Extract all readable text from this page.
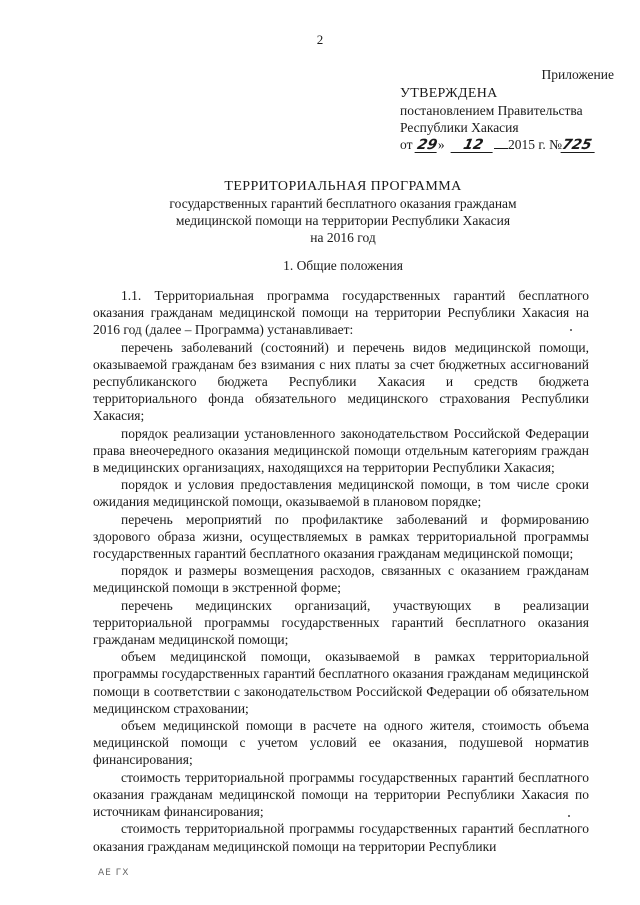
2
Приложение
УТВЕРЖДЕНА
постановлением Правительства
Республики Хакасия
от 29» 12 2015 г. №725
ТЕРРИТОРИАЛЬНАЯ ПРОГРАММА
государственных гарантий бесплатного оказания гражданам
медицинской помощи на территории Республики Хакасия
на 2016 год
1. Общие положения

1.1. Территориальная программа государственных гарантий бесплатного оказания гражданам медицинской помощи на территории Республики Хакасия на 2016 год (далее – Программа) устанавливает:

перечень заболеваний (состояний) и перечень видов медицинской помощи, оказываемой гражданам без взимания с них платы за счет бюджетных ассигнований республиканского бюджета Республики Хакасия и средств бюджета территориального фонда обязательного медицинского страхования Республики Хакасия;

порядок реализации установленного законодательством Российской Федерации права внеочередного оказания медицинской помощи отдельным категориям граждан в медицинских организациях, находящихся на территории Республики Хакасия;

порядок и условия предоставления медицинской помощи, в том числе сроки ожидания медицинской помощи, оказываемой в плановом порядке;

перечень мероприятий по профилактике заболеваний и формированию здорового образа жизни, осуществляемых в рамках территориальной программы государственных гарантий бесплатного оказания гражданам медицинской помощи;

порядок и размеры возмещения расходов, связанных с оказанием гражданам медицинской помощи в экстренной форме;

перечень медицинских организаций, участвующих в реализации территориальной программы государственных гарантий бесплатного оказания гражданам медицинской помощи;

объем медицинской помощи, оказываемой в рамках территориальной программы государственных гарантий бесплатного оказания гражданам медицинской помощи в соответствии с законодательством Российской Федерации об обязательном медицинском страховании;

объем медицинской помощи в расчете на одного жителя, стоимость объема медицинской помощи с учетом условий ее оказания, подушевой норматив финансирования;

стоимость территориальной программы государственных гарантий бесплатного оказания гражданам медицинской помощи на территории Республики Хакасия по источникам финансирования;

стоимость территориальной программы государственных гарантий бесплатного оказания гражданам медицинской помощи на территории Республики

АЕ ГХ
